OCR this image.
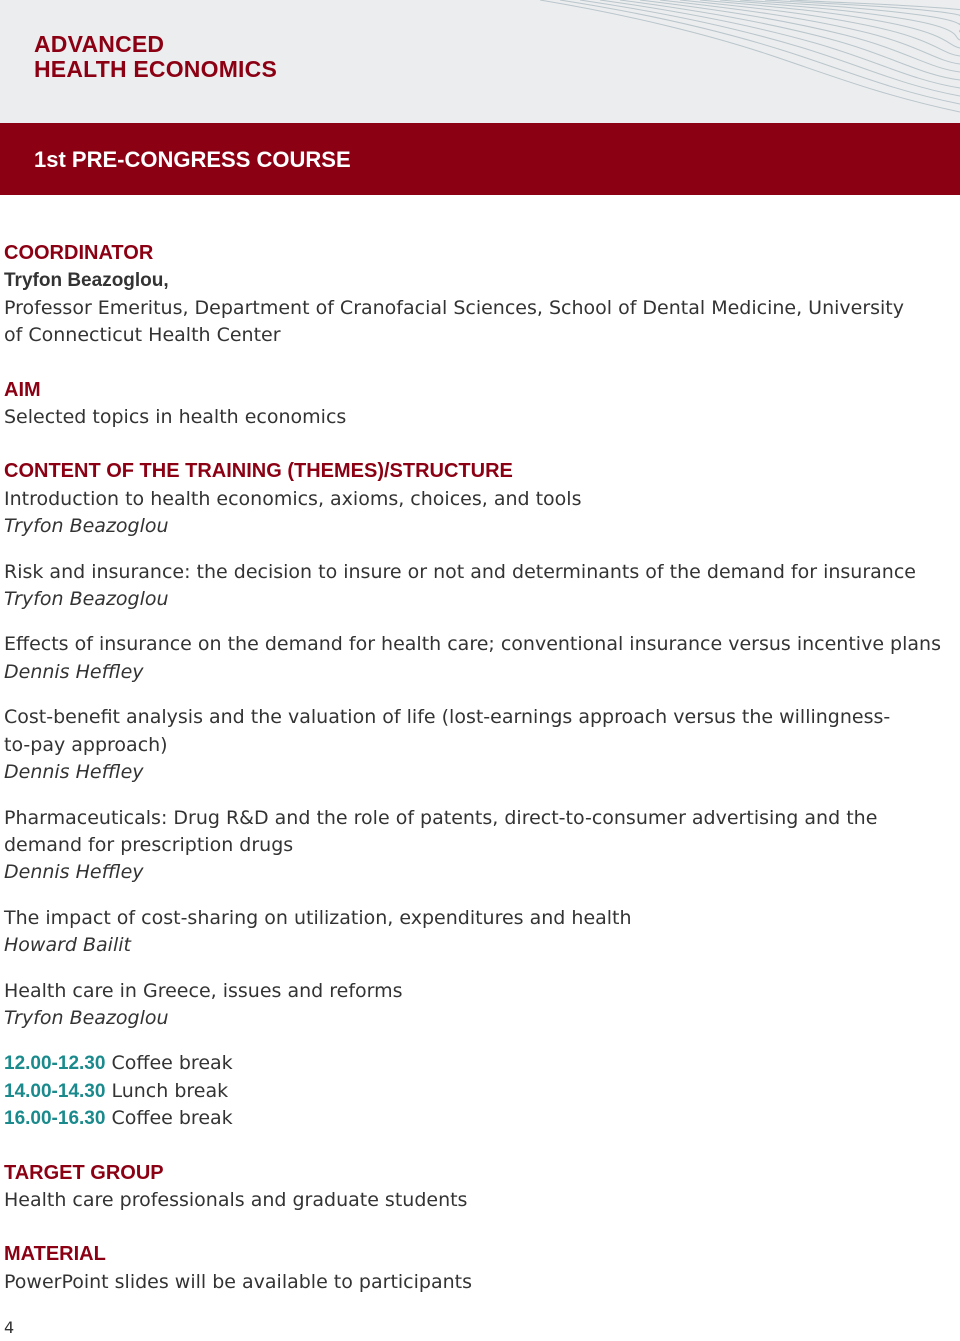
ADVANCED
HEALTH ECONOMICS
1st PRE-CONGRESS COURSE
COORDINATOR
Tryfon Beazoglou,
Professor Emeritus, Department of Cranofacial Sciences, School of Dental Medicine, University of Connecticut Health Center
AIM
Selected topics in health economics
CONTENT OF THE TRAINING (THEMES)/STRUCTURE
Introduction to health economics, axioms, choices, and tools
Tryfon Beazoglou
Risk and insurance: the decision to insure or not and determinants of the demand for insurance
Tryfon Beazoglou
Effects of insurance on the demand for health care; conventional insurance versus incentive plans
Dennis Heffley
Cost-benefit analysis and the valuation of life (lost-earnings approach versus the willingness-to-pay approach)
Dennis Heffley
Pharmaceuticals: Drug R&D and the role of patents, direct-to-consumer advertising and the demand for prescription drugs
Dennis Heffley
The impact of cost-sharing on utilization, expenditures and health
Howard Bailit
Health care in Greece, issues and reforms
Tryfon Beazoglou
12.00-12.30 Coffee break
14.00-14.30 Lunch break
16.00-16.30 Coffee break
TARGET GROUP
Health care professionals and graduate students
MATERIAL
PowerPoint slides will be available to participants
4
